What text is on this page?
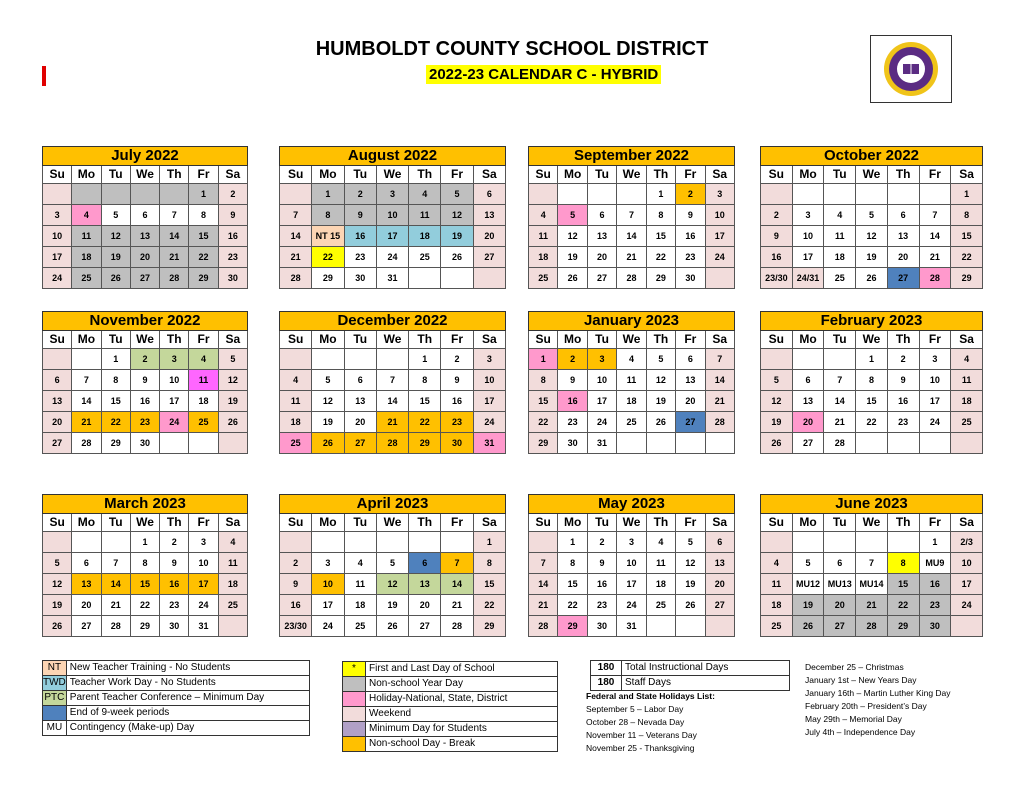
HUMBOLDT COUNTY SCHOOL DISTRICT
2022-23 CALENDAR C - HYBRID
July 2022						
Su	Mo	Tu	We	Th	Fr	Sa
					1	2
3	4	5	6	7	8	9
10	11	12	13	14	15	16
17	18	19	20	21	22	23
24	25	26	27	28	29	30
August 2022						
Su	Mo	Tu	We	Th	Fr	Sa
	1	2	3	4	5	6
7	8	9	10	11	12	13
14	NT 15	16	17	18	19	20
21	22	23	24	25	26	27
28	29	30	31			
September 2022						
Su	Mo	Tu	We	Th	Fr	Sa
				1	2	3
4	5	6	7	8	9	10
11	12	13	14	15	16	17
18	19	20	21	22	23	24
25	26	27	28	29	30	
October 2022						
Su	Mo	Tu	We	Th	Fr	Sa
						1
2	3	4	5	6	7	8
9	10	11	12	13	14	15
16	17	18	19	20	21	22
23/30	24/31	25	26	27	28	29
November 2022						
Su	Mo	Tu	We	Th	Fr	Sa
		1	2	3	4	5
6	7	8	9	10	11	12
13	14	15	16	17	18	19
20	21	22	23	24	25	26
27	28	29	30			
December 2022						
Su	Mo	Tu	We	Th	Fr	Sa
				1	2	3
4	5	6	7	8	9	10
11	12	13	14	15	16	17
18	19	20	21	22	23	24
25	26	27	28	29	30	31
January 2023						
Su	Mo	Tu	We	Th	Fr	Sa
1	2	3	4	5	6	7
8	9	10	11	12	13	14
15	16	17	18	19	20	21
22	23	24	25	26	27	28
29	30	31				
February 2023						
Su	Mo	Tu	We	Th	Fr	Sa
			1	2	3	4
5	6	7	8	9	10	11
12	13	14	15	16	17	18
19	20	21	22	23	24	25
26	27	28				
March 2023						
Su	Mo	Tu	We	Th	Fr	Sa
			1	2	3	4
5	6	7	8	9	10	11
12	13	14	15	16	17	18
19	20	21	22	23	24	25
26	27	28	29	30	31	
April 2023						
Su	Mo	Tu	We	Th	Fr	Sa
						1
2	3	4	5	6	7	8
9	10	11	12	13	14	15
16	17	18	19	20	21	22
23/30	24	25	26	27	28	29
May 2023						
Su	Mo	Tu	We	Th	Fr	Sa
	1	2	3	4	5	6
7	8	9	10	11	12	13
14	15	16	17	18	19	20
21	22	23	24	25	26	27
28	29	30	31			
June 2023						
Su	Mo	Tu	We	Th	Fr	Sa
					1	2/3
4	5	6	7	8	MU9	10
11	MU12	MU13	MU14	15	16	17
18	19	20	21	22	23	24
25	26	27	28	29	30	
NT	New Teacher Training - No Students
TWD	Teacher Work Day - No Students
PTC	Parent Teacher Conference – Minimum Day
	End of 9-week periods
MU	Contingency (Make-up) Day
*	First and Last Day of School
	Non-school Year Day
	Holiday-National, State, District
	Weekend
	Minimum Day for Students
	Non-school Day - Break
180	Total Instructional Days
180	Staff Days
Federal and State Holidays List:
September 5 – Labor Day
October 28 – Nevada Day
November 11 – Veterans Day
November 25 - Thanksgiving
December 25 – Christmas
January 1st – New Years Day
January 16th – Martin Luther King Day
February 20th – President’s Day
May 29th – Memorial Day
July 4th – Independence Day
